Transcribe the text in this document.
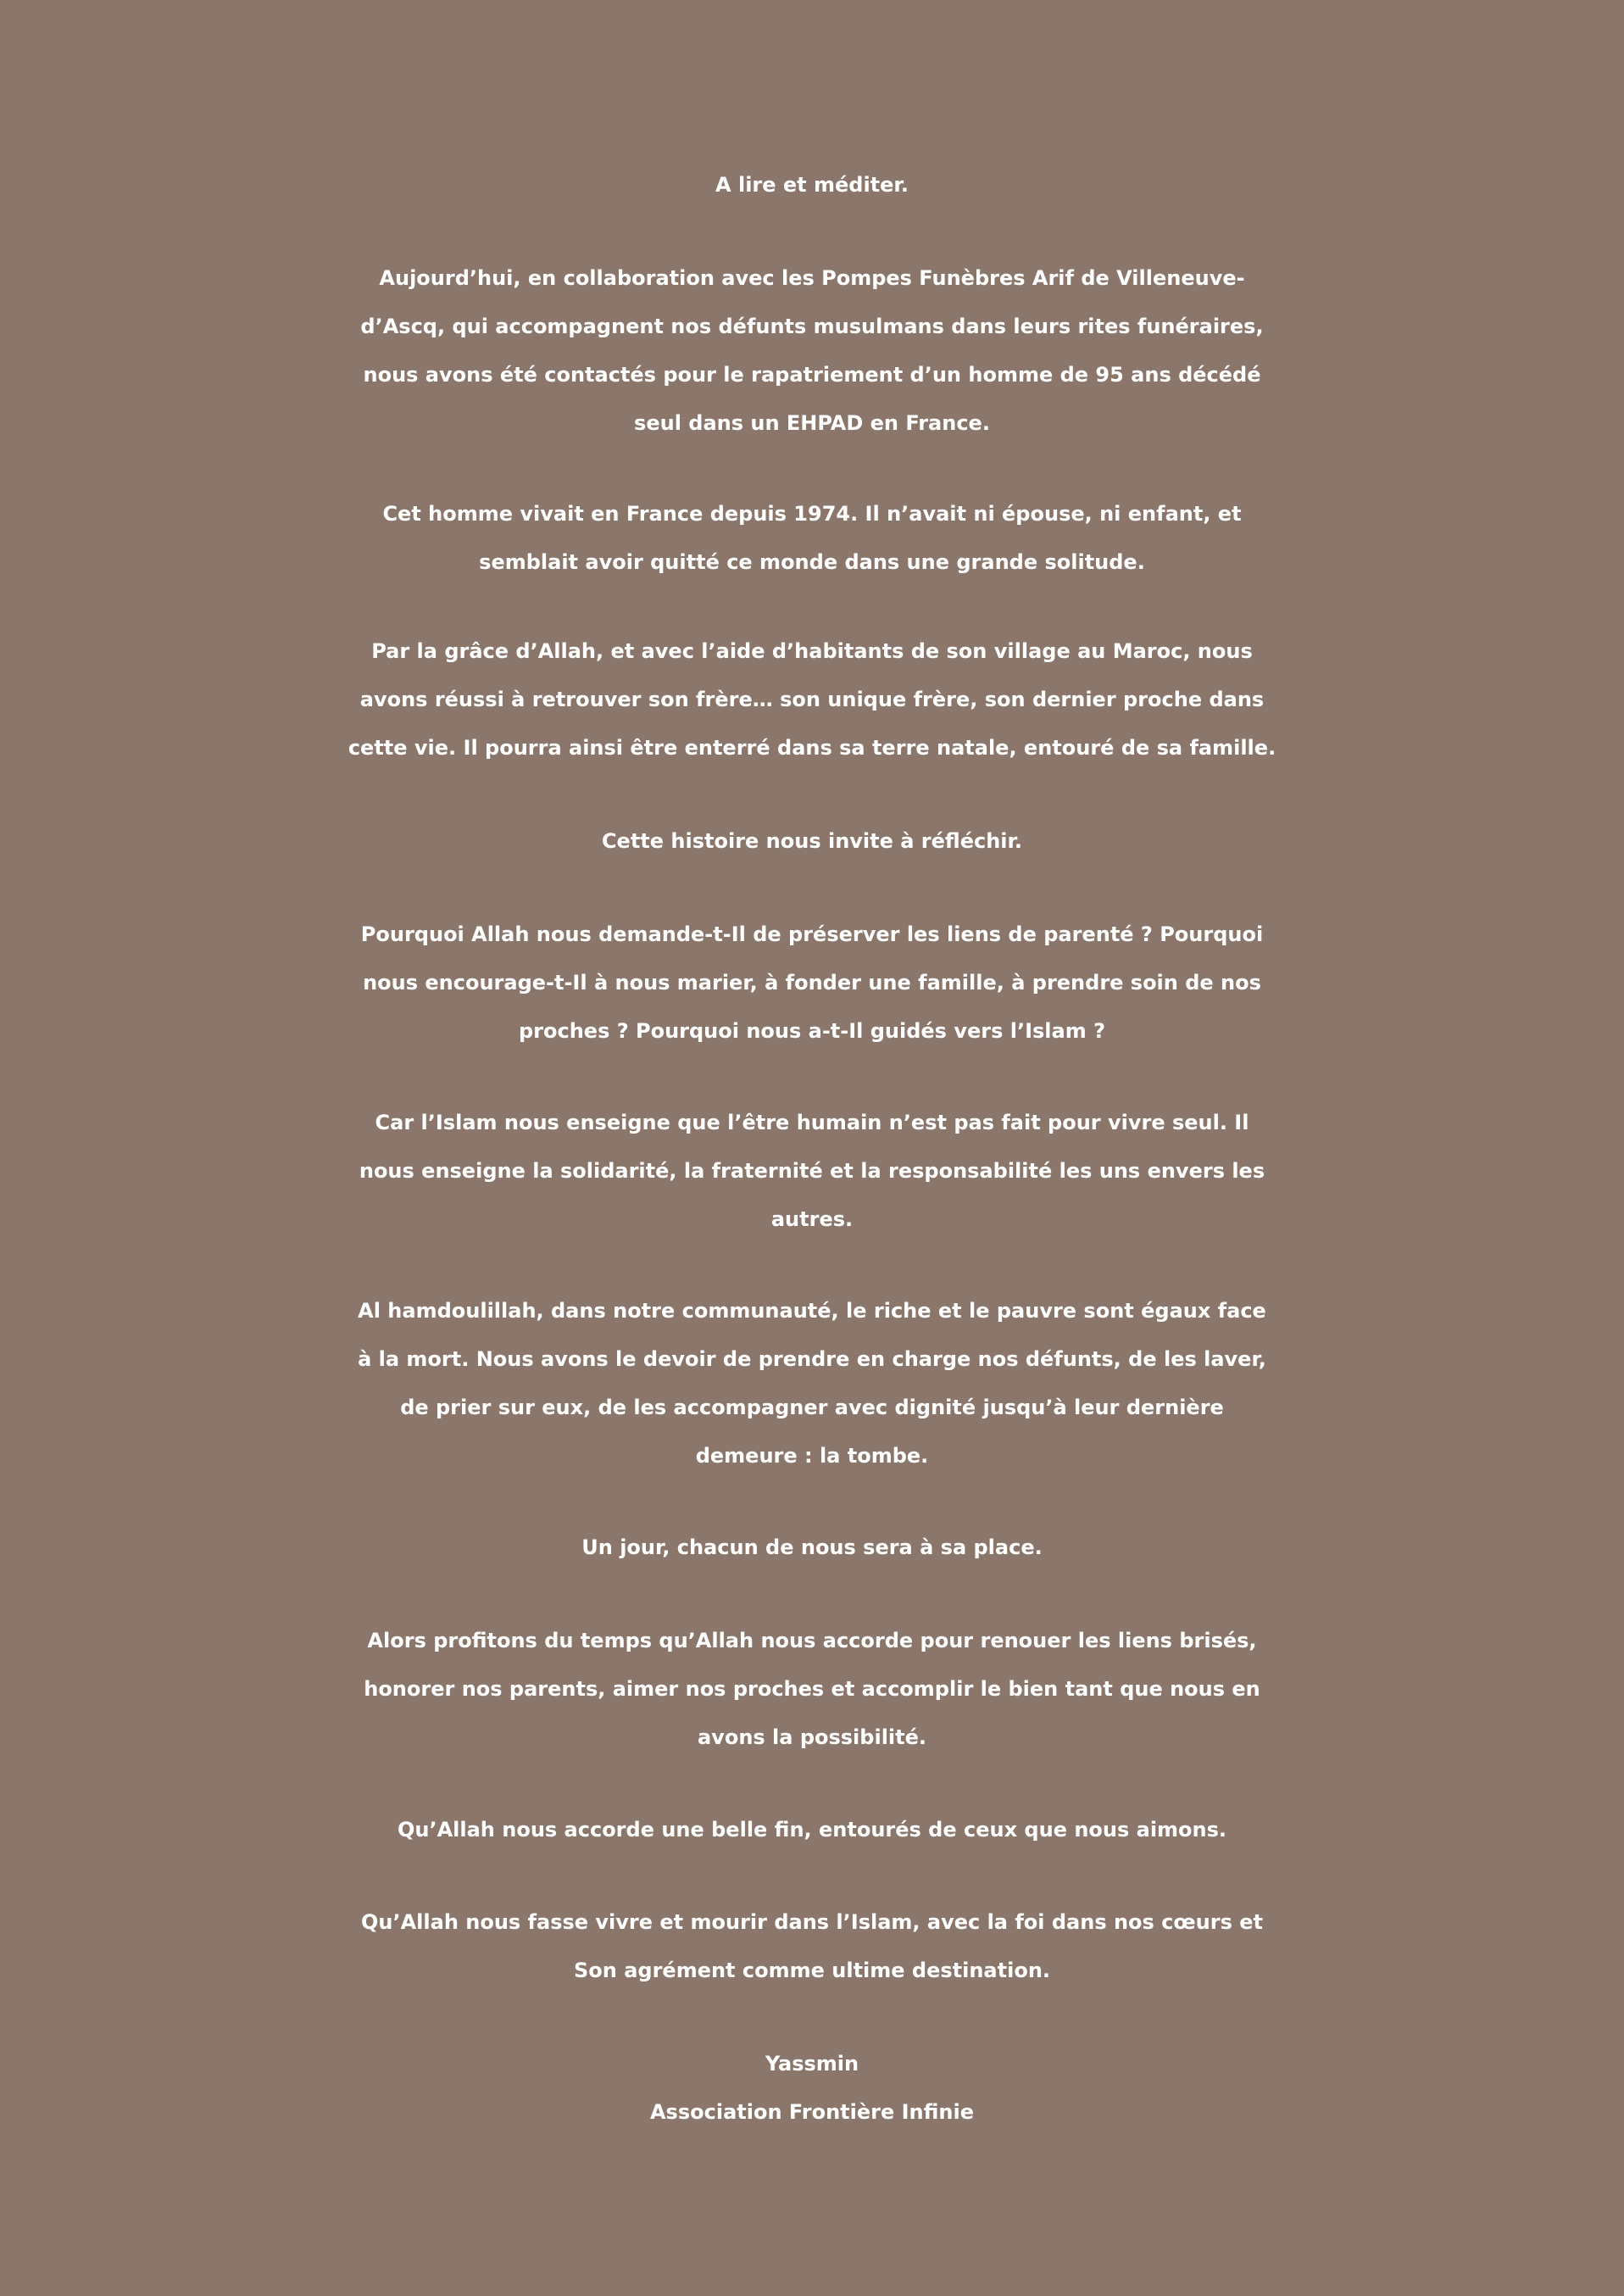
A lire et méditer.

Aujourd’hui, en collaboration avec les Pompes Funèbres Arif de Villeneuve-
d’Ascq, qui accompagnent nos défunts musulmans dans leurs rites funéraires,
nous avons été contactés pour le rapatriement d’un homme de 95 ans décédé
seul dans un EHPAD en France.

Cet homme vivait en France depuis 1974. Il n’avait ni épouse, ni enfant, et
semblait avoir quitté ce monde dans une grande solitude.

Par la grâce d’Allah, et avec l’aide d’habitants de son village au Maroc, nous
avons réussi à retrouver son frère… son unique frère, son dernier proche dans
cette vie. Il pourra ainsi être enterré dans sa terre natale, entouré de sa famille.

Cette histoire nous invite à réfléchir.

Pourquoi Allah nous demande-t-Il de préserver les liens de parenté ? Pourquoi
nous encourage-t-Il à nous marier, à fonder une famille, à prendre soin de nos
proches ? Pourquoi nous a-t-Il guidés vers l’Islam ?

Car l’Islam nous enseigne que l’être humain n’est pas fait pour vivre seul. Il
nous enseigne la solidarité, la fraternité et la responsabilité les uns envers les
autres.

Al hamdoulillah, dans notre communauté, le riche et le pauvre sont égaux face
à la mort. Nous avons le devoir de prendre en charge nos défunts, de les laver,
de prier sur eux, de les accompagner avec dignité jusqu’à leur dernière
demeure : la tombe.

Un jour, chacun de nous sera à sa place.

Alors profitons du temps qu’Allah nous accorde pour renouer les liens brisés,
honorer nos parents, aimer nos proches et accomplir le bien tant que nous en
avons la possibilité.

Qu’Allah nous accorde une belle fin, entourés de ceux que nous aimons.

Qu’Allah nous fasse vivre et mourir dans l’Islam, avec la foi dans nos cœurs et
Son agrément comme ultime destination.

Yassmin
Association Frontière Infinie
